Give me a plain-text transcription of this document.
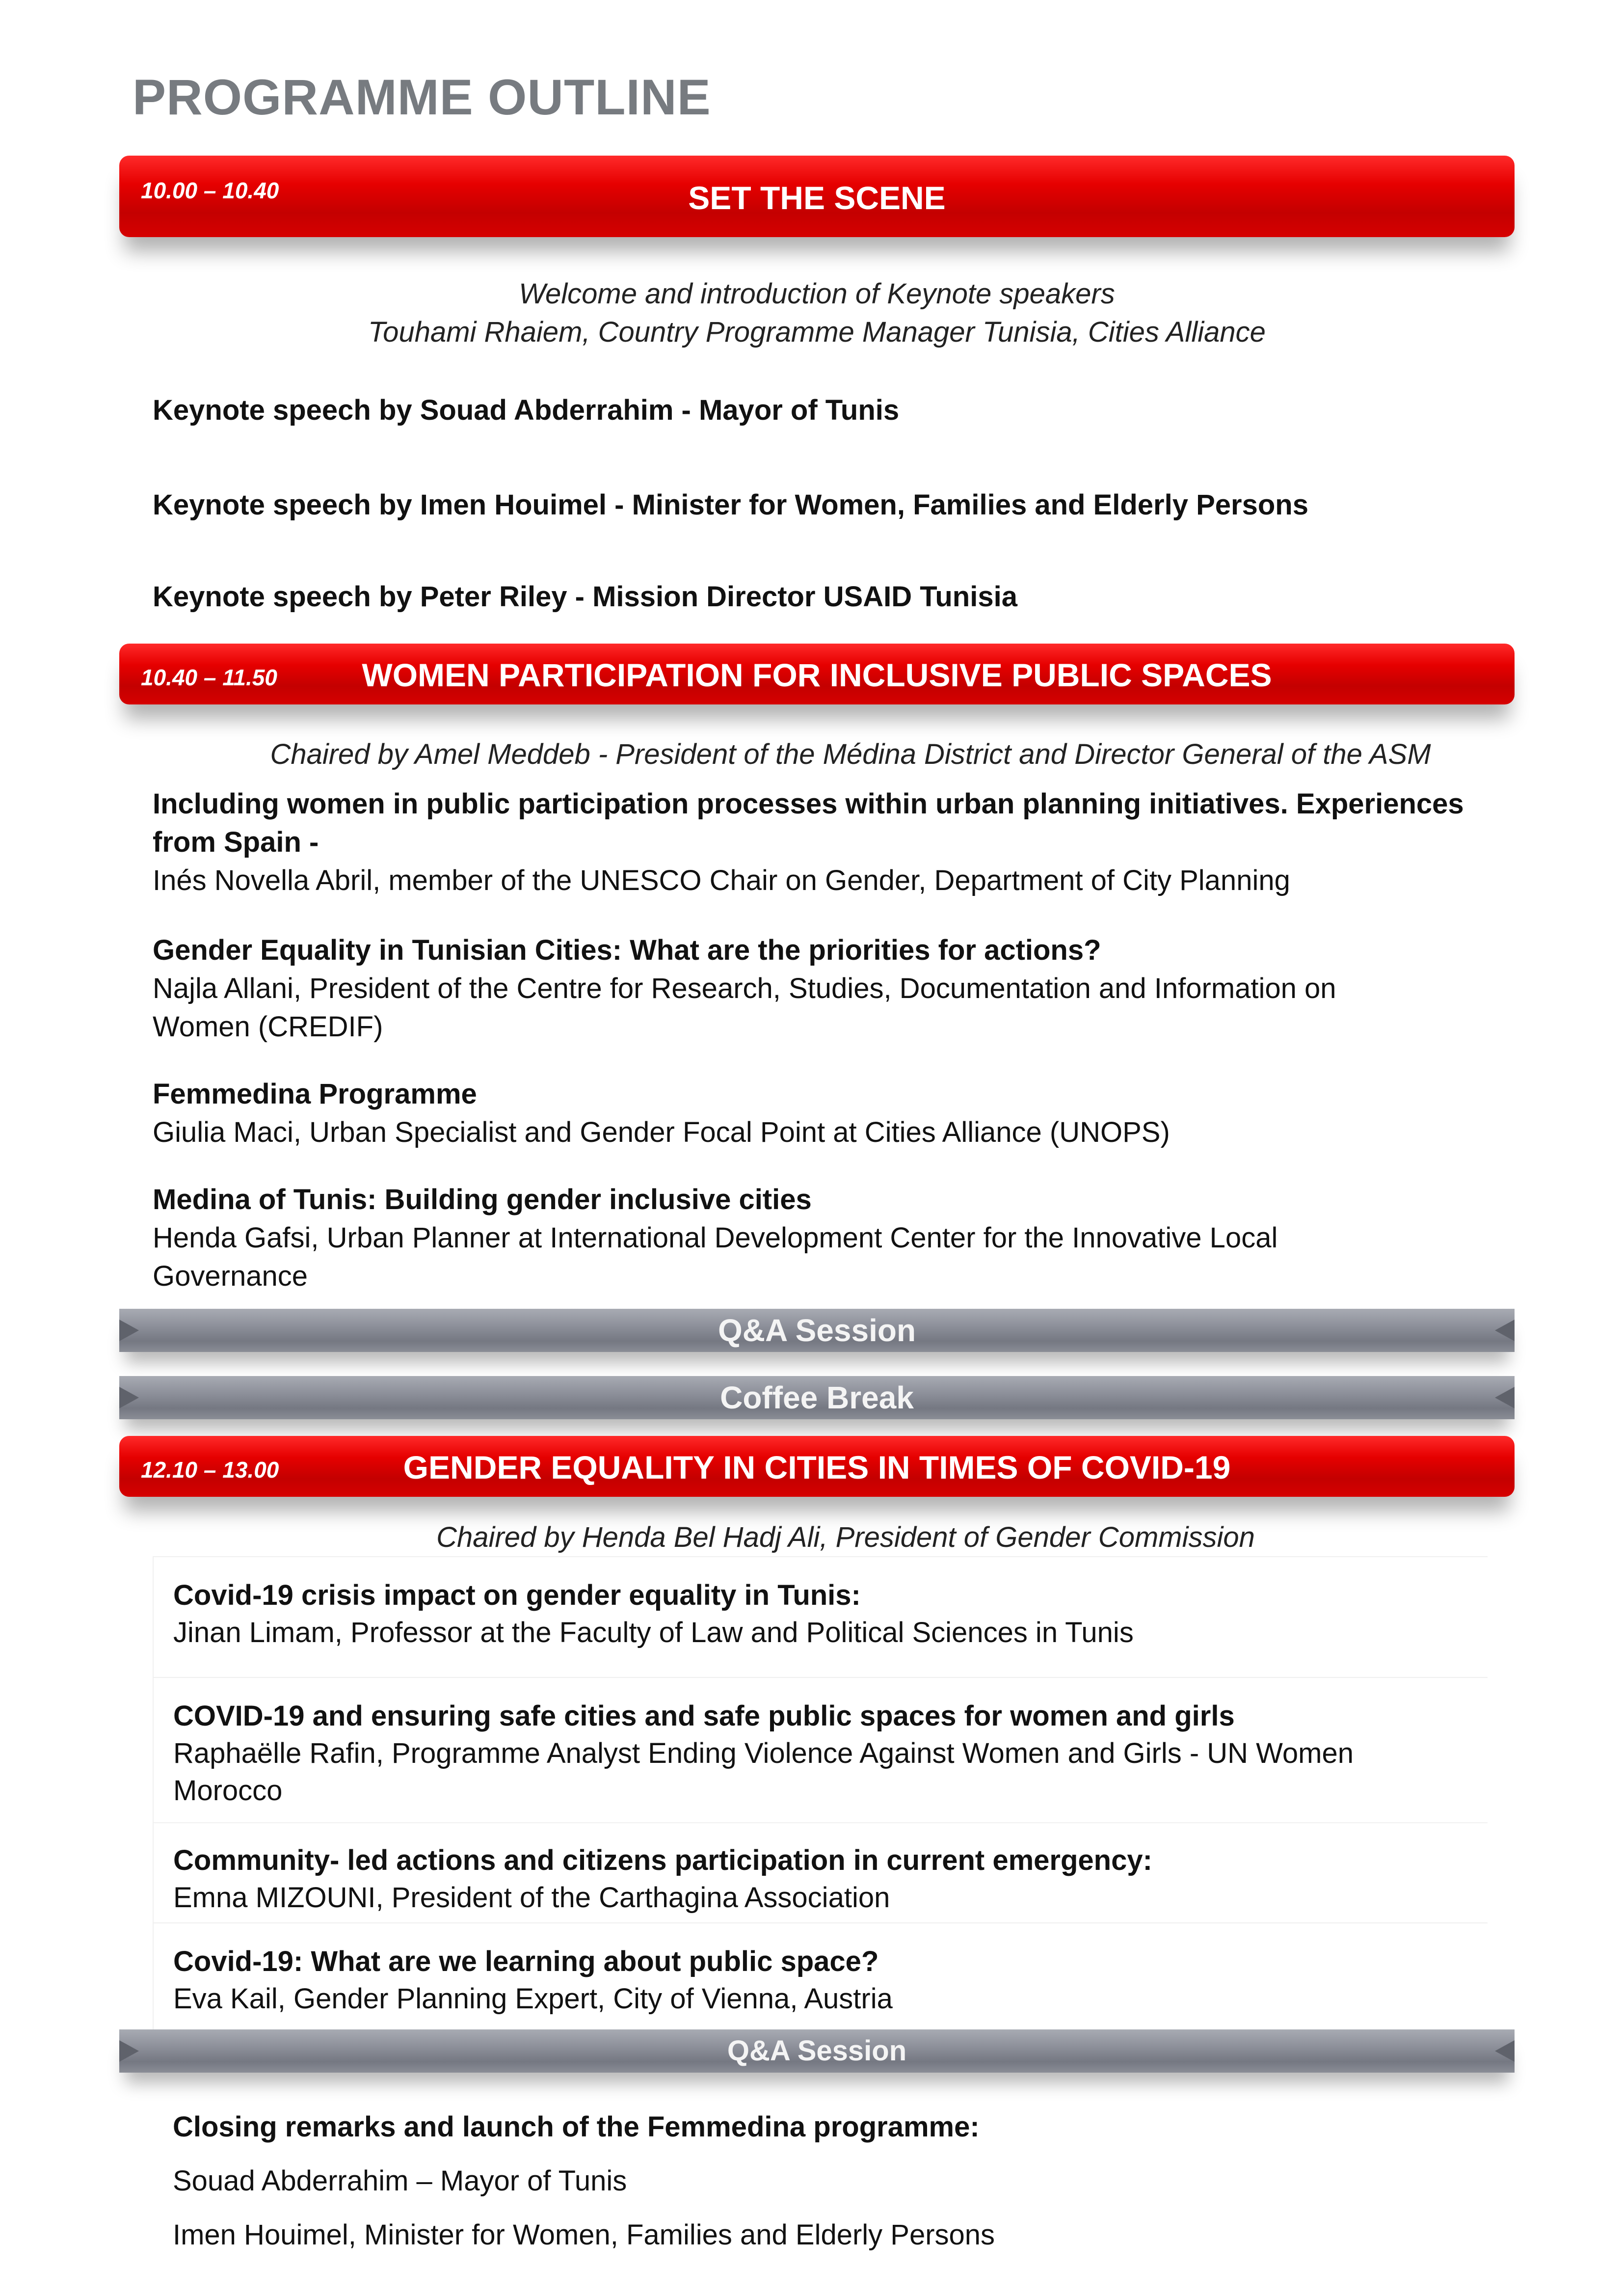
PROGRAMME OUTLINE
10.00 – 10.40	SET THE SCENE
Welcome and introduction of Keynote speakers
Touhami Rhaiem, Country Programme Manager Tunisia, Cities Alliance
Keynote speech by Souad Abderrahim - Mayor of Tunis
Keynote speech by Imen Houimel - Minister for Women, Families and Elderly Persons
Keynote speech by Peter Riley - Mission Director USAID Tunisia
10.40 – 11.50	WOMEN PARTICIPATION FOR INCLUSIVE PUBLIC SPACES
Chaired by Amel Meddeb - President of the Médina District and Director General of the ASM
Including women in public participation processes within urban planning initiatives. Experiences
from Spain -
Inés Novella Abril, member of the UNESCO Chair on Gender, Department of City Planning
Gender Equality in Tunisian Cities: What are the priorities for actions?
Najla Allani, President of the Centre for Research, Studies, Documentation and Information on
Women (CREDIF)
Femmedina Programme
Giulia Maci, Urban Specialist and Gender Focal Point at Cities Alliance (UNOPS)
Medina of Tunis: Building gender inclusive cities
Henda Gafsi, Urban Planner at International Development Center for the Innovative Local
Governance
Q&A Session
Coffee Break
12.10 – 13.00	GENDER EQUALITY IN CITIES IN TIMES OF COVID-19
Chaired by Henda Bel Hadj Ali, President of Gender Commission
Covid-19 crisis impact on gender equality in Tunis:
Jinan Limam, Professor at the Faculty of Law and Political Sciences in Tunis
COVID-19 and ensuring safe cities and safe public spaces for women and girls
Raphaëlle Rafin, Programme Analyst Ending Violence Against Women and Girls - UN Women
Morocco
Community- led actions and citizens participation in current emergency:
Emna MIZOUNI, President of the Carthagina Association
Covid-19: What are we learning about public space?
Eva Kail, Gender Planning Expert, City of Vienna, Austria
Q&A Session
Closing remarks and launch of the Femmedina programme:
Souad Abderrahim – Mayor of Tunis
Imen Houimel, Minister for Women, Families and Elderly Persons
